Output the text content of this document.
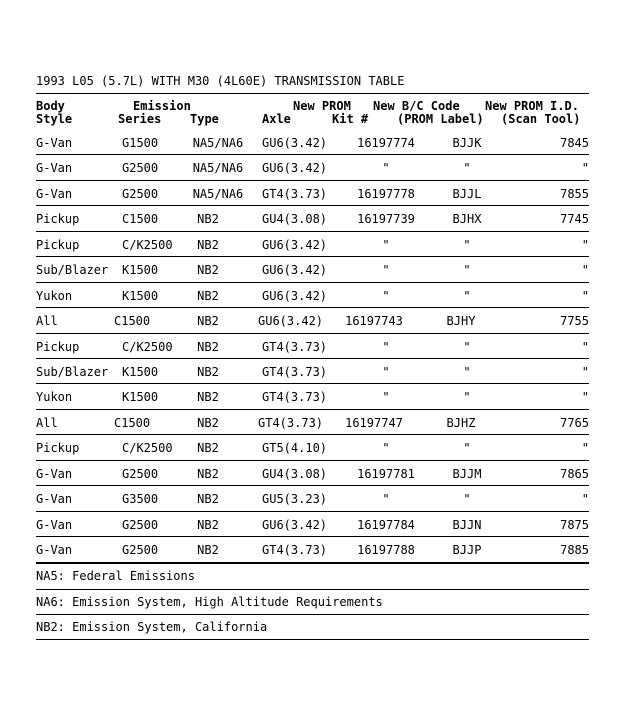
1993 L05 (5.7L) WITH M30 (4L60E) TRANSMISSION TABLE
Body
Style
Emission
Series Type	Axle
New PROM
Kit #
New B/C Code
(PROM Label)
New PROM I.D.
(Scan Tool)
G-Van	G1500	NA5/NA6	GU6(3.42)	16197774	BJJK	7845
G-Van	G2500	NA5/NA6	GU6(3.42)	"	"	"
G-Van	G2500	NA5/NA6	GT4(3.73)	16197778	BJJL	7855
Pickup	C1500	NB2	GU4(3.08)	16197739	BJHX	7745
Pickup	C/K2500	NB2	GU6(3.42)	"	"	"
Sub/Blazer	K1500	NB2	GU6(3.42)	"	"	"
Yukon	K1500	NB2	GU6(3.42)	"	"	"
All	C1500	NB2	GU6(3.42)	16197743	BJHY	7755
Pickup	C/K2500	NB2	GT4(3.73)	"	"	"
Sub/Blazer	K1500	NB2	GT4(3.73)	"	"	"
Yukon	K1500	NB2	GT4(3.73)	"	"	"
All	C1500	NB2	GT4(3.73)	16197747	BJHZ	7765
Pickup	C/K2500	NB2	GT5(4.10)	"	"	"
G-Van	G2500	NB2	GU4(3.08)	16197781	BJJM	7865
G-Van	G3500	NB2	GU5(3.23)	"	"	"
G-Van	G2500	NB2	GU6(3.42)	16197784	BJJN	7875
G-Van	G2500	NB2	GT4(3.73)	16197788	BJJP	7885
NA5: Federal Emissions
NA6: Emission System, High Altitude Requirements
NB2: Emission System, California
